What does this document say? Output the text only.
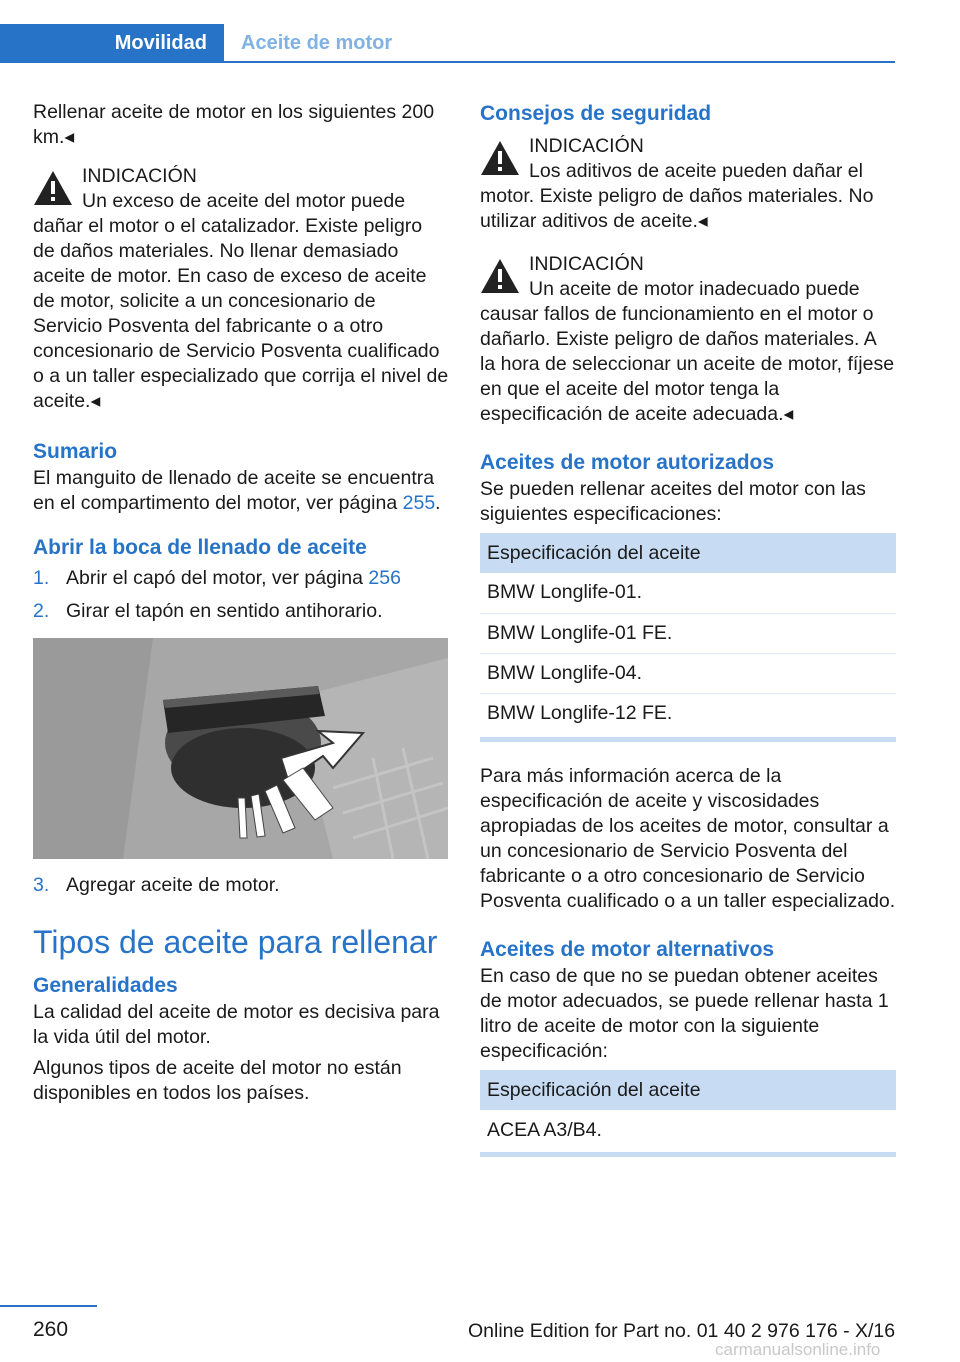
Movilidad Aceite de motor

Rellenar aceite de motor en los siguientes 200 km.◂

INDICACIÓN
Un exceso de aceite del motor puede dañar el motor o el catalizador. Existe peligro de daños materiales. No llenar demasiado aceite de motor. En caso de exceso de aceite de motor, solicite a un concesionario de Servicio Posventa del fabricante o a otro concesionario de Servicio Posventa cualificado o a un taller especializado que corrija el nivel de aceite.◂
Sumario

El manguito de llenado de aceite se encuentra en el compartimento del motor, ver página 255.

Abrir la boca de llenado de aceite
1. Abrir el capó del motor, ver página 256
2. Girar el tapón en sentido antihorario.
3. Agregar aceite de motor.
Tipos de aceite para rellenar
Generalidades

La calidad del aceite de motor es decisiva para la vida útil del motor.

Algunos tipos de aceite del motor no están disponibles en todos los países.

Consejos de seguridad
INDICACIÓN
Los aditivos de aceite pueden dañar el motor. Existe peligro de daños materiales. No utilizar aditivos de aceite.◂
INDICACIÓN
Un aceite de motor inadecuado puede causar fallos de funcionamiento en el motor o dañarlo. Existe peligro de daños materiales. A la hora de seleccionar un aceite de motor, fíjese en que el aceite del motor tenga la especificación de aceite adecuada.◂
Aceites de motor autorizados

Se pueden rellenar aceites del motor con las siguientes especificaciones:

Especificación del aceite
BMW Longlife-01.
BMW Longlife-01 FE.
BMW Longlife-04.
BMW Longlife-12 FE.

Para más información acerca de la especificación de aceite y viscosidades apropiadas de los aceites de motor, consultar a un concesionario de Servicio Posventa del fabricante o a otro concesionario de Servicio Posventa cualificado o a un taller especializado.

Aceites de motor alternativos

En caso de que no se puedan obtener aceites de motor adecuados, se puede rellenar hasta 1 litro de aceite de motor con la siguiente especificación:

Especificación del aceite
ACEA A3/B4.
260	Online Edition for Part no. 01 40 2 976 176 - X/16
carmanualsonline.info
